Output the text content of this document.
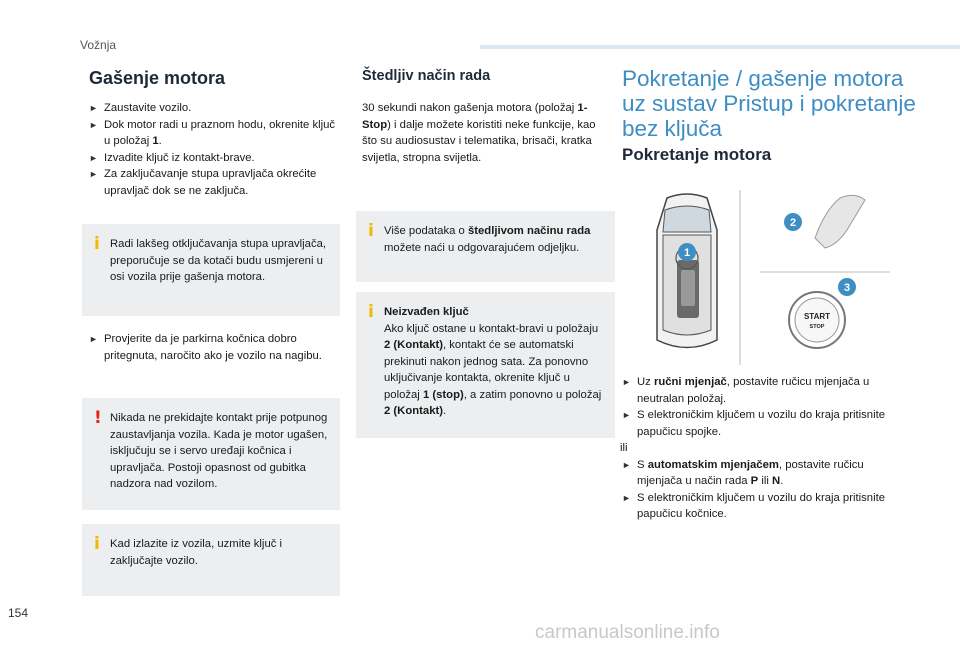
Vožnja
Gašenje motora
► Zaustavite vozilo.
► Dok motor radi u praznom hodu, okrenite ključ u položaj 1.
► Izvadite ključ iz kontakt-brave.
► Za zaključavanje stupa upravljača okrećite upravljač dok se ne zaključa.
i Radi lakšeg otključavanja stupa upravljača, preporučuje se da kotači budu usmjereni u osi vozila prije gašenja motora.
► Provjerite da je parkirna kočnica dobro pritegnuta, naročito ako je vozilo na nagibu.
! Nikada ne prekidajte kontakt prije potpunog zaustavljanja vozila. Kada je motor ugašen, isključuju se i servo uređaji kočnica i upravljača. Postoji opasnost od gubitka nadzora nad vozilom.
i Kad izlazite iz vozila, uzmite ključ i zaključajte vozilo.
Štedljiv način rada
30 sekundi nakon gašenja motora (položaj 1-Stop) i dalje možete koristiti neke funkcije, kao što su audiosustav i telematika, brisači, kratka svijetla, stropna svijetla.
i Više podataka o štedljivom načinu rada možete naći u odgovarajućem odjeljku.
i Neizvađen ključ
Ako ključ ostane u kontakt-bravi u položaju 2 (Kontakt), kontakt će se automatski prekinuti nakon jednog sata. Za ponovno uključivanje kontakta, okrenite ključ u položaj 1 (stop), a zatim ponovno u položaj 2 (Kontakt).
Pokretanje / gašenje motora uz sustav Pristup i pokretanje bez ključa
Pokretanje motora
1
2
START
STOP
3
► Uz ručni mjenjač, postavite ručicu mjenjača u neutralan položaj.
► S elektroničkim ključem u vozilu do kraja pritisnite papučicu spojke.
ili
► S automatskim mjenjačem, postavite ručicu mjenjača u način rada P ili N.
► S elektroničkim ključem u vozilu do kraja pritisnite papučicu kočnice.
154
carmanualsonline.info
